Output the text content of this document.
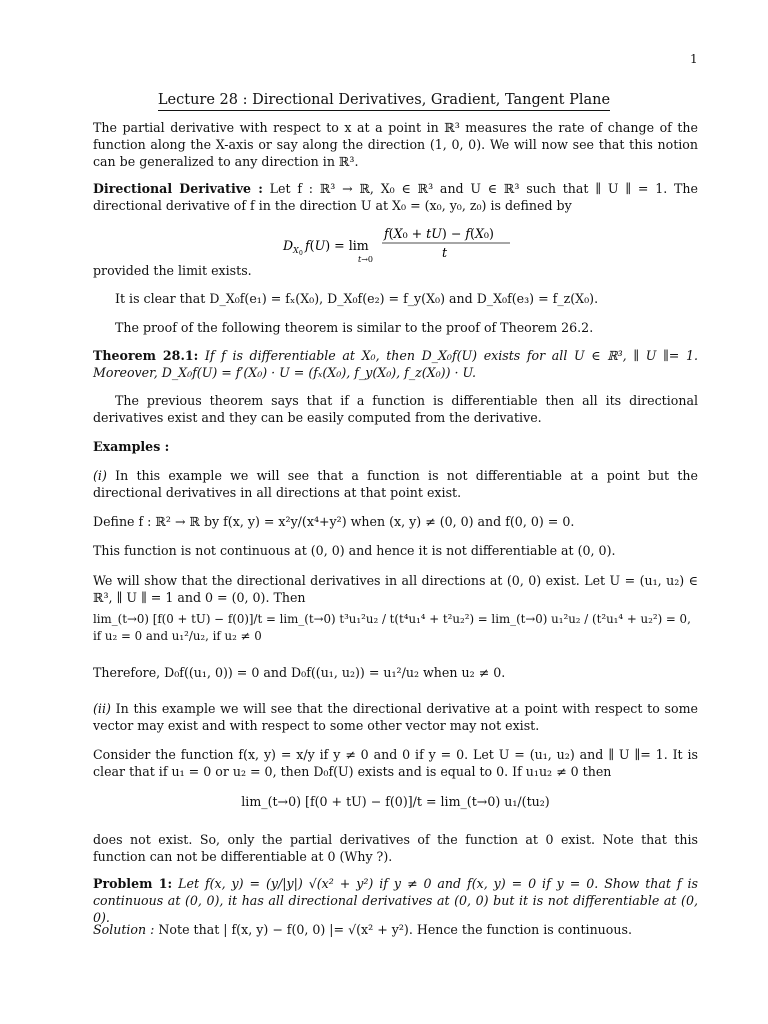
1
Lecture 28 : Directional Derivatives, Gradient, Tangent Plane
The partial derivative with respect to x at a point in ℝ³ measures the rate of change of the function along the X-axis or say along the direction (1, 0, 0). We will now see that this notion can be generalized to any direction in ℝ³.
Directional Derivative : Let f : ℝ³ → ℝ, X₀ ∈ ℝ³ and U ∈ ℝ³ such that ∥ U ∥ = 1. The directional derivative of f in the direction U at X₀ = (x₀, y₀, z₀) is defined by
D X 0
f(U) = lim
t→0
f(X₀ + tU) − f(X₀)
t
provided the limit exists.
It is clear that D_X₀f(e₁) = fₓ(X₀), D_X₀f(e₂) = f_y(X₀) and D_X₀f(e₃) = f_z(X₀).
The proof of the following theorem is similar to the proof of Theorem 26.2.
Theorem 28.1: If f is differentiable at X₀, then D_X₀f(U) exists for all U ∈ ℝ³, ∥ U ∥= 1. Moreover, D_X₀f(U) = f′(X₀) · U = (fₓ(X₀), f_y(X₀), f_z(X₀)) · U.
The previous theorem says that if a function is differentiable then all its directional derivatives exist and they can be easily computed from the derivative.
Examples :
(i) In this example we will see that a function is not differentiable at a point but the directional derivatives in all directions at that point exist.
Define f : ℝ² → ℝ by f(x, y) = x²y/(x⁴+y²) when (x, y) ≠ (0, 0) and f(0, 0) = 0.
This function is not continuous at (0, 0) and hence it is not differentiable at (0, 0).
We will show that the directional derivatives in all directions at (0, 0) exist. Let U = (u₁, u₂) ∈ ℝ³, ∥ U ∥ = 1 and 0 = (0, 0). Then
lim_(t→0) [f(0 + tU) − f(0)]/t = lim_(t→0) t³u₁²u₂ / t(t⁴u₁⁴ + t²u₂²) = lim_(t→0) u₁²u₂ / (t²u₁⁴ + u₂²) = 0, if u₂ = 0 and u₁²/u₂, if u₂ ≠ 0
Therefore, D₀f((u₁, 0)) = 0 and D₀f((u₁, u₂)) = u₁²/u₂ when u₂ ≠ 0.
(ii) In this example we will see that the directional derivative at a point with respect to some vector may exist and with respect to some other vector may not exist.
Consider the function f(x, y) = x/y if y ≠ 0 and 0 if y = 0. Let U = (u₁, u₂) and ∥ U ∥= 1. It is clear that if u₁ = 0 or u₂ = 0, then D₀f(U) exists and is equal to 0. If u₁u₂ ≠ 0 then
lim_(t→0) [f(0 + tU) − f(0)]/t = lim_(t→0) u₁/(tu₂)
does not exist. So, only the partial derivatives of the function at 0 exist. Note that this function can not be differentiable at 0 (Why ?).
Problem 1: Let f(x, y) = (y/|y|) √(x² + y²) if y ≠ 0 and f(x, y) = 0 if y = 0. Show that f is continuous at (0, 0), it has all directional derivatives at (0, 0) but it is not differentiable at (0, 0).
Solution : Note that | f(x, y) − f(0, 0) |= √(x² + y²). Hence the function is continuous.
